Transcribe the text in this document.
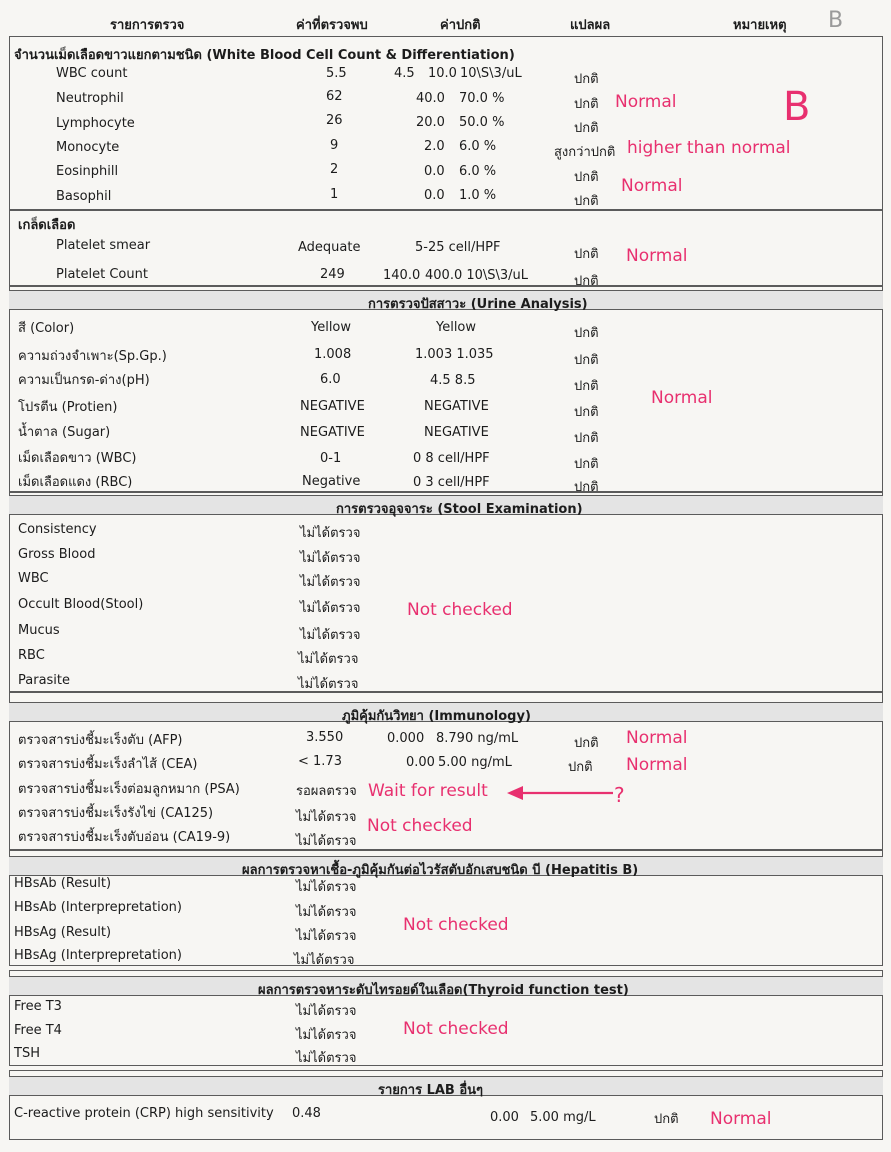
รายการตรวจ	ค่าที่ตรวจพบ	ค่าปกติ	แปลผล	หมายเหตุ B
จำนวนเม็ดเลือดขาวแยกตามชนิด (White Blood Cell Count & Differentiation)
B
WBC count	5.5	4.5 10.0 10\S\3/uL	ปกติ
Neutrophil	62	40.0 70.0 %	ปกติ
Lymphocyte	26	20.0 50.0 %	ปกติ
Monocyte	9	2.0 6.0 %	สูงกว่าปกติ
Eosinphill	2	0.0 6.0 %	ปกติ
Basophil	1	0.0 1.0 %	ปกติ
Normal
higher than normal
Normal
เกล็ดเลือด
Platelet smear	Adequate	5-25 cell/HPF	ปกติ
Platelet Count	249	140.0 400.0 10\S\3/uL	ปกติ
Normal
การตรวจปัสสาวะ (Urine Analysis)
สี (Color)	Yellow	Yellow	ปกติ
ความถ่วงจำเพาะ(Sp.Gp.)	1.008	1.003 1.035	ปกติ
ความเป็นกรด-ด่าง(pH)	6.0	4.5 8.5	ปกติ
โปรตีน (Protien)	NEGATIVE	NEGATIVE	ปกติ
น้ำตาล (Sugar)	NEGATIVE	NEGATIVE	ปกติ
เม็ดเลือดขาว (WBC)	0-1	0 8 cell/HPF	ปกติ
เม็ดเลือดแดง (RBC)	Negative	0 3 cell/HPF	ปกติ
Normal
การตรวจอุจจาระ (Stool Examination)
Consistency	ไม่ได้ตรวจ
Gross Blood	ไม่ได้ตรวจ
WBC	ไม่ได้ตรวจ
Occult Blood(Stool)	ไม่ได้ตรวจ
Mucus	ไม่ได้ตรวจ
RBC	ไม่ได้ตรวจ
Parasite	ไม่ได้ตรวจ
Not checked
ภูมิคุ้มกันวิทยา (Immunology)
ตรวจสารบ่งชี้มะเร็งตับ (AFP)	3.550	0.000 8.790 ng/mL	ปกติ
ตรวจสารบ่งชี้มะเร็งลำไส้ (CEA)	< 1.73	0.00 5.00 ng/mL	ปกติ
ตรวจสารบ่งชี้มะเร็งต่อมลูกหมาก (PSA)	รอผลตรวจ
ตรวจสารบ่งชี้มะเร็งรังไข่ (CA125)	ไม่ได้ตรวจ
ตรวจสารบ่งชี้มะเร็งตับอ่อน (CA19-9)	ไม่ได้ตรวจ
Normal
Normal
Wait for result	?
Not checked
ผลการตรวจหาเชื้อ-ภูมิคุ้มกันต่อไวรัสตับอักเสบชนิด บี (Hepatitis B)
HBsAb (Result)	ไม่ได้ตรวจ
HBsAb (Interprepretation)	ไม่ได้ตรวจ
HBsAg (Result)	ไม่ได้ตรวจ
HBsAg (Interprepretation)	ไม่ได้ตรวจ
Not checked
ผลการตรวจหาระดับไทรอยด์ในเลือด(Thyroid function test)
Free T3	ไม่ได้ตรวจ
Free T4	ไม่ได้ตรวจ
TSH	ไม่ได้ตรวจ
Not checked
รายการ LAB อื่นๆ
C-reactive protein (CRP) high sensitivity 0.48	0.00 5.00 mg/L	ปกติ Normal
